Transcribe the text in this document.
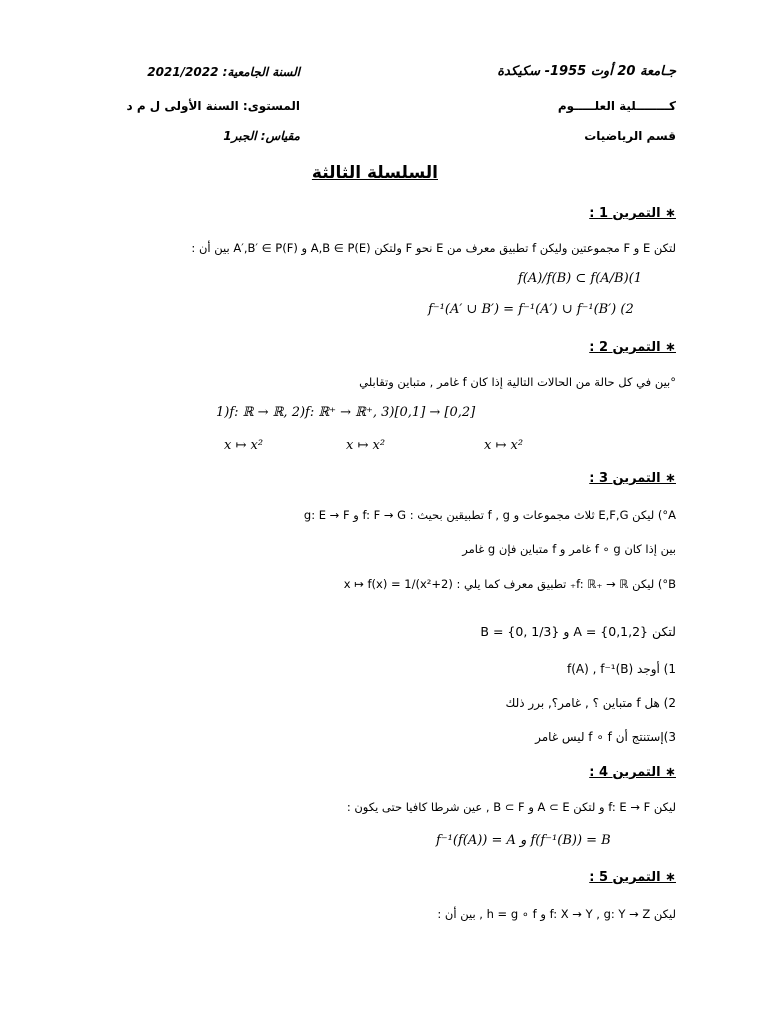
جـامعة 20 أوت 1955- سكيكدة
كــــــــلية العلـــــوم
قسم الرياضيات
السنة الجامعية: 2021/2022
المستوى: السنة الأولى ل م د
مقياس: الجبر1
السلسلة الثالثة
∗ التمرين 1 :
لتكن E و F مجموعتين وليكن f تطبيق معرف من E نحو F ولتكن A,B ∈ P(E) و A′,B′ ∈ P(F) بين أن :
f(A)/f(B) ⊂ f(A/B)(1
f⁻¹(A′ ∪ B′) = f⁻¹(A′) ∪ f⁻¹(B′) (2
∗ التمرين 2 :
°بين في كل حالة من الحالات التالية إذا كان f غامر , متباين وتقابلي
1)f: ℝ → ℝ, 2)f: ℝ⁺ → ℝ⁺, 3)[0,1] → [0,2]
x ↦ x²	x ↦ x²	x ↦ x²
∗ التمرين 3 :
A°) ليكن E,F,G ثلاث مجموعات و f , g تطبيقين بحيث : f: F → G و g: E → F
بين إذا كان f ∘ g غامر و f متباين فإن g غامر
B°) ليكن f: ℝ₊ → ℝ₊ تطبيق معرف كما يلي : x ↦ f(x) = 1/(x²+2)
لتكن A = {0,1,2} و B = {0, 1/3}
1) أوجد f(A) , f⁻¹(B)
2) هل f متباين ؟ , غامر؟, برر ذلك
3)إستنتج أن f ∘ f ليس غامر
∗ التمرين 4 :
ليكن f: E → F و لتكن A ⊂ E و B ⊂ F , عين شرطا كافيا حتى يكون :
f⁻¹(f(A)) = A و f(f⁻¹(B)) = B
∗ التمرين 5 :
ليكن f: X → Y , g: Y → Z و h = g ∘ f , بين أن :
